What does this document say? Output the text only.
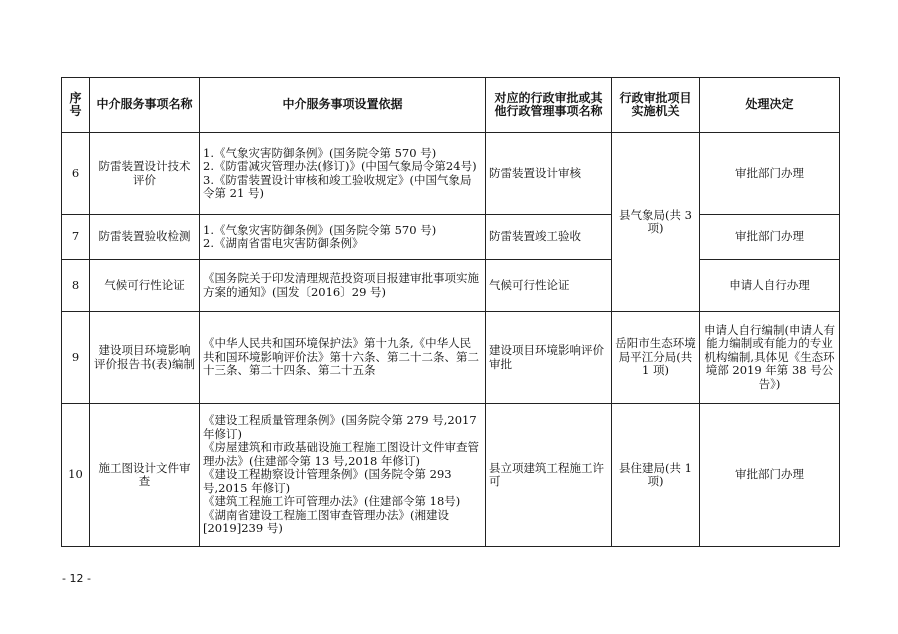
序号	中介服务事项名称	中介服务事项设置依据	对应的行政审批或其他行政管理事项名称	行政审批项目实施机关	处理决定
6	防雷装置设计技术评价	1.《气象灾害防御条例》(国务院令第 570 号)
2.《防雷减灾管理办法(修订)》(中国气象局令第24号)
3.《防雷装置设计审核和竣工验收规定》(中国气象局令第 21 号)	防雷装置设计审核	县气象局(共 3 项)	审批部门办理
7	防雷装置验收检测	1.《气象灾害防御条例》(国务院令第 570 号)
2.《湖南省雷电灾害防御条例》	防雷装置竣工验收		审批部门办理
8	气候可行性论证	《国务院关于印发清理规范投资项目报建审批事项实施方案的通知》(国发〔2016〕29 号)	气候可行性论证		申请人自行办理
9	建设项目环境影响评价报告书(表)编制	《中华人民共和国环境保护法》第十九条,《中华人民共和国环境影响评价法》第十六条、第二十二条、第二十三条、第二十四条、第二十五条	建设项目环境影响评价审批	岳阳市生态环境局平江分局(共 1 项)	申请人自行编制(申请人有能力编制或有能力的专业机构编制,具体见《生态环境部 2019 年第 38 号公告》)
10	施工图设计文件审查	《建设工程质量管理条例》(国务院令第 279 号,2017 年修订)
《房屋建筑和市政基础设施工程施工图设计文件审查管理办法》(住建部令第 13 号,2018 年修订)
《建设工程勘察设计管理条例》(国务院令第 293号,2015 年修订)
《建筑工程施工许可管理办法》(住建部令第 18号)
《湖南省建设工程施工图审查管理办法》(湘建设[2019]239 号)	县立项建筑工程施工许可	县住建局(共 1 项)	审批部门办理
- 12 -
